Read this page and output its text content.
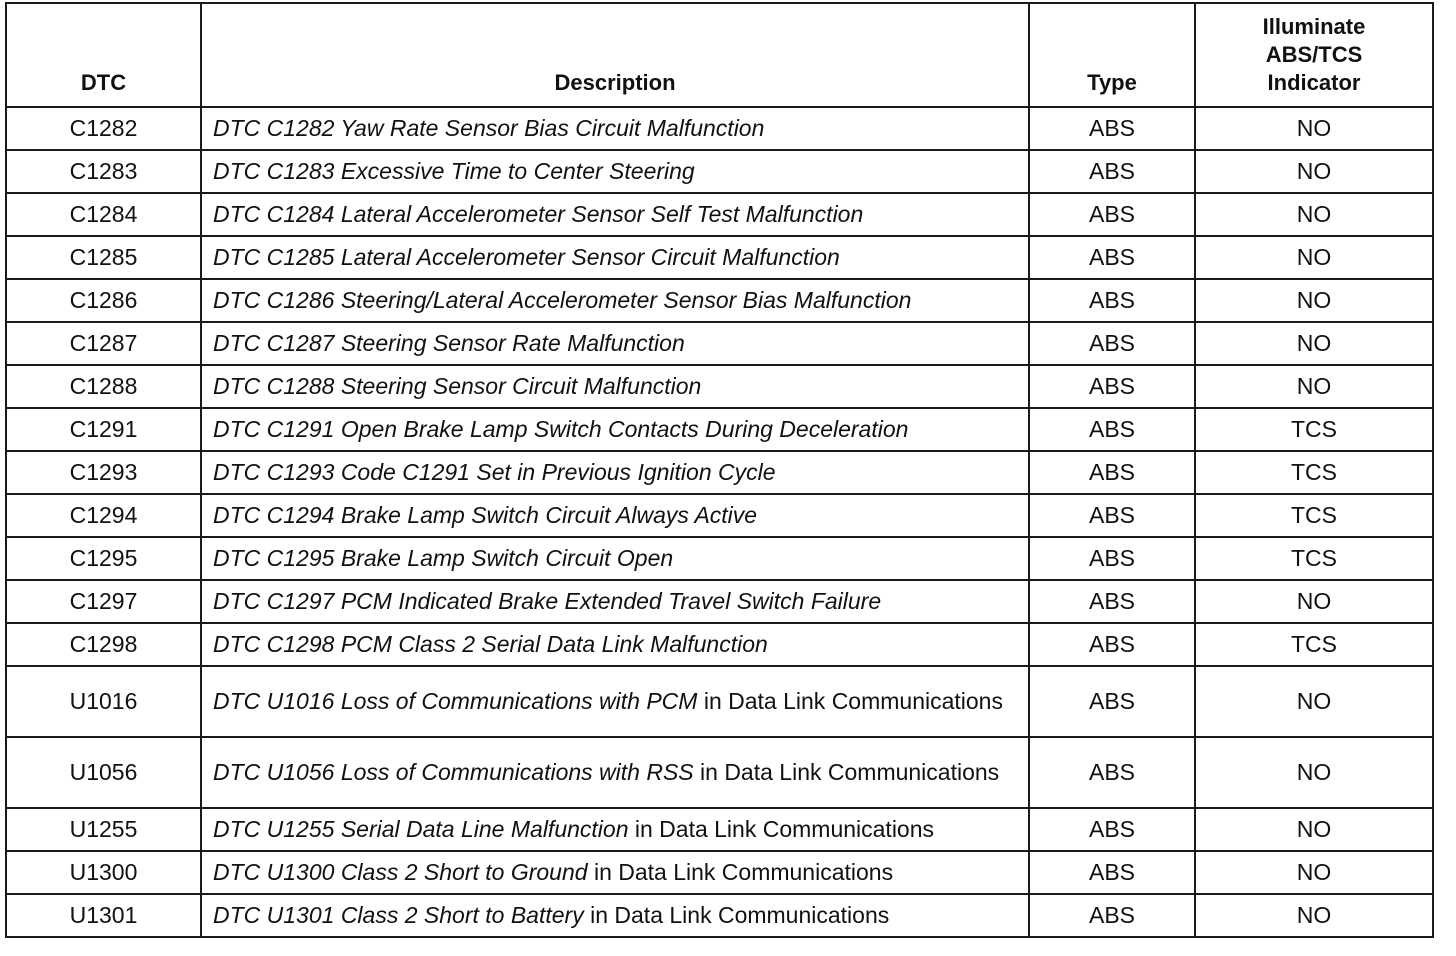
DTC	Description	Type	Illuminate
ABS/TCS
Indicator
C1282	DTC C1282 Yaw Rate Sensor Bias Circuit Malfunction	ABS	NO
C1283	DTC C1283 Excessive Time to Center Steering	ABS	NO
C1284	DTC C1284 Lateral Accelerometer Sensor Self Test Malfunction	ABS	NO
C1285	DTC C1285 Lateral Accelerometer Sensor Circuit Malfunction	ABS	NO
C1286	DTC C1286 Steering/Lateral Accelerometer Sensor Bias Malfunction	ABS	NO
C1287	DTC C1287 Steering Sensor Rate Malfunction	ABS	NO
C1288	DTC C1288 Steering Sensor Circuit Malfunction	ABS	NO
C1291	DTC C1291 Open Brake Lamp Switch Contacts During Deceleration	ABS	TCS
C1293	DTC C1293 Code C1291 Set in Previous Ignition Cycle	ABS	TCS
C1294	DTC C1294 Brake Lamp Switch Circuit Always Active	ABS	TCS
C1295	DTC C1295 Brake Lamp Switch Circuit Open	ABS	TCS
C1297	DTC C1297 PCM Indicated Brake Extended Travel Switch Failure	ABS	NO
C1298	DTC C1298 PCM Class 2 Serial Data Link Malfunction	ABS	TCS
U1016	DTC U1016 Loss of Communications with PCM in Data Link Communications	ABS	NO
U1056	DTC U1056 Loss of Communications with RSS in Data Link Communications	ABS	NO
U1255	DTC U1255 Serial Data Line Malfunction in Data Link Communications	ABS	NO
U1300	DTC U1300 Class 2 Short to Ground in Data Link Communications	ABS	NO
U1301	DTC U1301 Class 2 Short to Battery in Data Link Communications	ABS	NO
